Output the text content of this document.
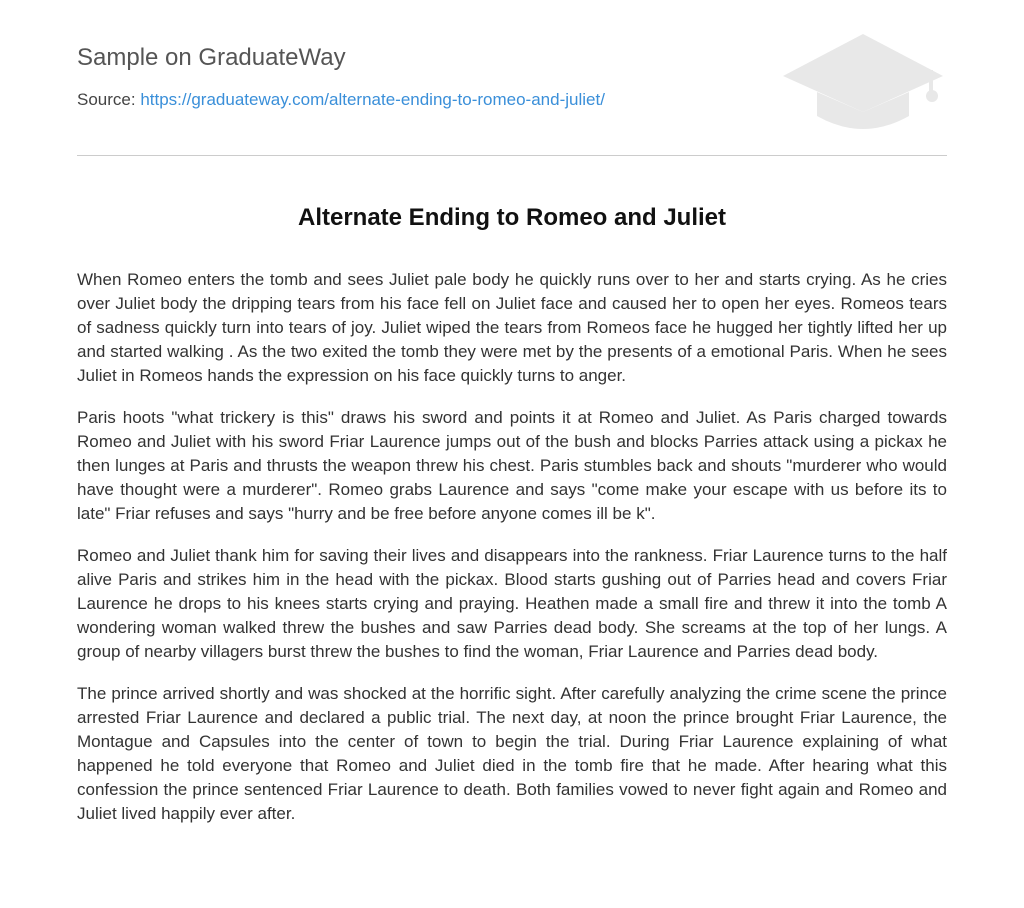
Sample on GraduateWay
Source: https://graduateway.com/alternate-ending-to-romeo-and-juliet/
Alternate Ending to Romeo and Juliet

When Romeo enters the tomb and sees Juliet pale body he quickly runs over to her and starts crying. As he cries over Juliet body the dripping tears from his face fell on Juliet face and caused her to open her eyes. Romeos tears of sadness quickly turn into tears of joy. Juliet wiped the tears from Romeos face he hugged her tightly lifted her up and started walking . As the two exited the tomb they were met by the presents of a emotional Paris. When he sees Juliet in Romeos hands the expression on his face quickly turns to anger.

Paris hoots "what trickery is this" draws his sword and points it at Romeo and Juliet. As Paris charged towards Romeo and Juliet with his sword Friar Laurence jumps out of the bush and blocks Parries attack using a pickax he then lunges at Paris and thrusts the weapon threw his chest. Paris stumbles back and shouts "murderer who would have thought were a murderer". Romeo grabs Laurence and says "come make your escape with us before its to late" Friar refuses and says "hurry and be free before anyone comes ill be k".

Romeo and Juliet thank him for saving their lives and disappears into the rankness. Friar Laurence turns to the half alive Paris and strikes him in the head with the pickax. Blood starts gushing out of Parries head and covers Friar Laurence he drops to his knees starts crying and praying. Heathen made a small fire and threw it into the tomb A wondering woman walked threw the bushes and saw Parries dead body. She screams at the top of her lungs. A group of nearby villagers burst threw the bushes to find the woman, Friar Laurence and Parries dead body.

The prince arrived shortly and was shocked at the horrific sight. After carefully analyzing the crime scene the prince arrested Friar Laurence and declared a public trial. The next day, at noon the prince brought Friar Laurence, the Montague and Capsules into the center of town to begin the trial. During Friar Laurence explaining of what happened he told everyone that Romeo and Juliet died in the tomb fire that he made. After hearing what this confession the prince sentenced Friar Laurence to death. Both families vowed to never fight again and Romeo and Juliet lived happily ever after.
